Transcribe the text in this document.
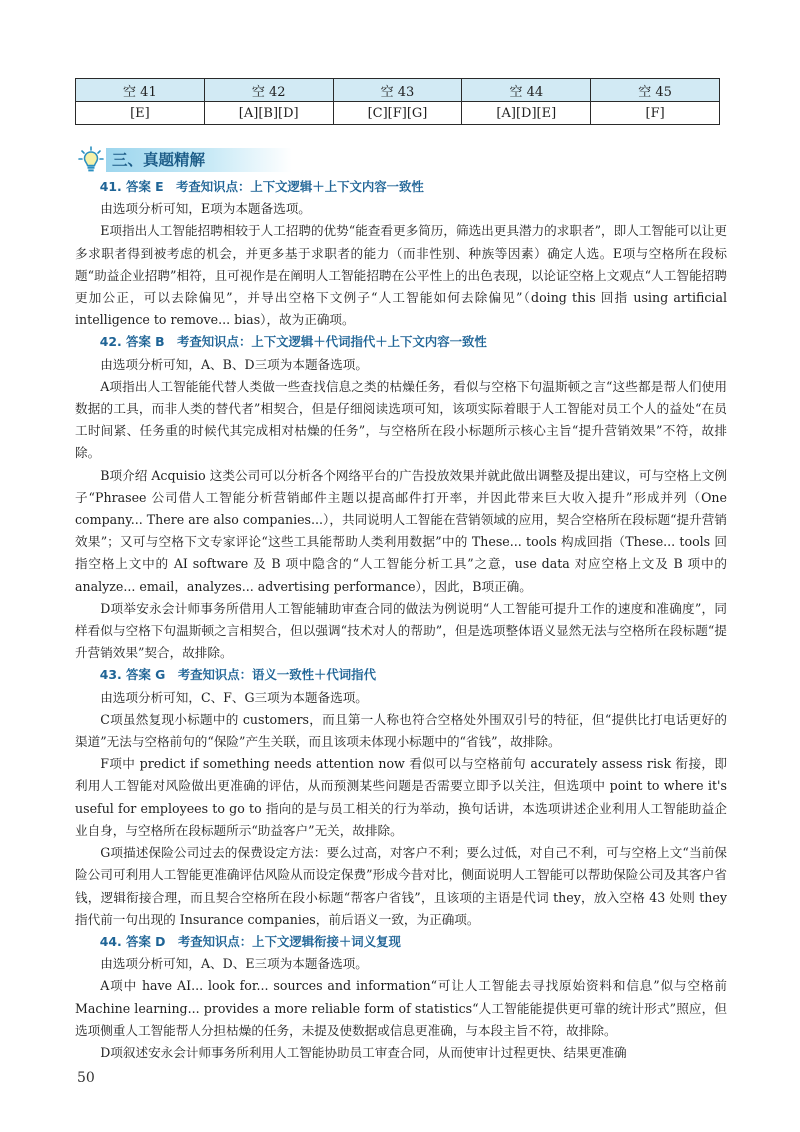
空 41	空 42	空 43	空 44	空 45
[E]	[A][B][D]	[C][F][G]	[A][D][E]	[F]
三、真题精解

41. 答案 E　考查知识点：上下文逻辑＋上下文内容一致性

由选项分析可知，E项为本题备选项。

E项指出人工智能招聘相较于人工招聘的优势“能查看更多简历，筛选出更具潜力的求职者”，即人工智能可以让更多求职者得到被考虑的机会，并更多基于求职者的能力（而非性别、种族等因素）确定人选。E项与空格所在段标题“助益企业招聘”相符，且可视作是在阐明人工智能招聘在公平性上的出色表现，以论证空格上文观点“人工智能招聘更加公正，可以去除偏见”，并导出空格下文例子“人工智能如何去除偏见”（doing this 回指 using artificial intelligence to remove... bias），故为正确项。

42. 答案 B　考查知识点：上下文逻辑＋代词指代＋上下文内容一致性

由选项分析可知，A、B、D三项为本题备选项。

A项指出人工智能能代替人类做一些查找信息之类的枯燥任务，看似与空格下句温斯顿之言“这些都是帮人们使用数据的工具，而非人类的替代者”相契合，但是仔细阅读选项可知，该项实际着眼于人工智能对员工个人的益处“在员工时间紧、任务重的时候代其完成相对枯燥的任务”，与空格所在段小标题所示核心主旨“提升营销效果”不符，故排除。

B项介绍 Acquisio 这类公司可以分析各个网络平台的广告投放效果并就此做出调整及提出建议，可与空格上文例子“Phrasee 公司借人工智能分析营销邮件主题以提高邮件打开率，并因此带来巨大收入提升”形成并列（One company... There are also companies...），共同说明人工智能在营销领域的应用，契合空格所在段标题“提升营销效果”；又可与空格下文专家评论“这些工具能帮助人类利用数据”中的 These... tools 构成回指（These... tools 回指空格上文中的 AI software 及 B 项中隐含的“人工智能分析工具”之意，use data 对应空格上文及 B 项中的 analyze... email，analyzes... advertising performance），因此，B项正确。

D项举安永会计师事务所借用人工智能辅助审查合同的做法为例说明“人工智能可提升工作的速度和准确度”，同样看似与空格下句温斯顿之言相契合，但以强调“技术对人的帮助”，但是选项整体语义显然无法与空格所在段标题“提升营销效果”契合，故排除。

43. 答案 G　考查知识点：语义一致性＋代词指代

由选项分析可知，C、F、G三项为本题备选项。

C项虽然复现小标题中的 customers，而且第一人称也符合空格处外围双引号的特征，但“提供比打电话更好的渠道”无法与空格前句的“保险”产生关联，而且该项未体现小标题中的“省钱”，故排除。

F项中 predict if something needs attention now 看似可以与空格前句 accurately assess risk 衔接，即利用人工智能对风险做出更准确的评估，从而预测某些问题是否需要立即予以关注，但选项中 point to where it's useful for employees to go to 指向的是与员工相关的行为举动，换句话讲，本选项讲述企业利用人工智能助益企业自身，与空格所在段标题所示“助益客户”无关，故排除。

G项描述保险公司过去的保费设定方法：要么过高，对客户不利；要么过低，对自己不利，可与空格上文“当前保险公司可利用人工智能更准确评估风险从而设定保费”形成今昔对比，侧面说明人工智能可以帮助保险公司及其客户省钱，逻辑衔接合理，而且契合空格所在段小标题“帮客户省钱”，且该项的主语是代词 they，放入空格 43 处则 they 指代前一句出现的 Insurance companies，前后语义一致，为正确项。

44. 答案 D　考查知识点：上下文逻辑衔接＋词义复现

由选项分析可知，A、D、E三项为本题备选项。

A项中 have AI... look for... sources and information“可让人工智能去寻找原始资料和信息”似与空格前 Machine learning... provides a more reliable form of statistics“人工智能能提供更可靠的统计形式”照应，但选项侧重人工智能帮人分担枯燥的任务，未提及使数据或信息更准确，与本段主旨不符，故排除。

D项叙述安永会计师事务所利用人工智能协助员工审查合同，从而使审计过程更快、结果更准确

50
